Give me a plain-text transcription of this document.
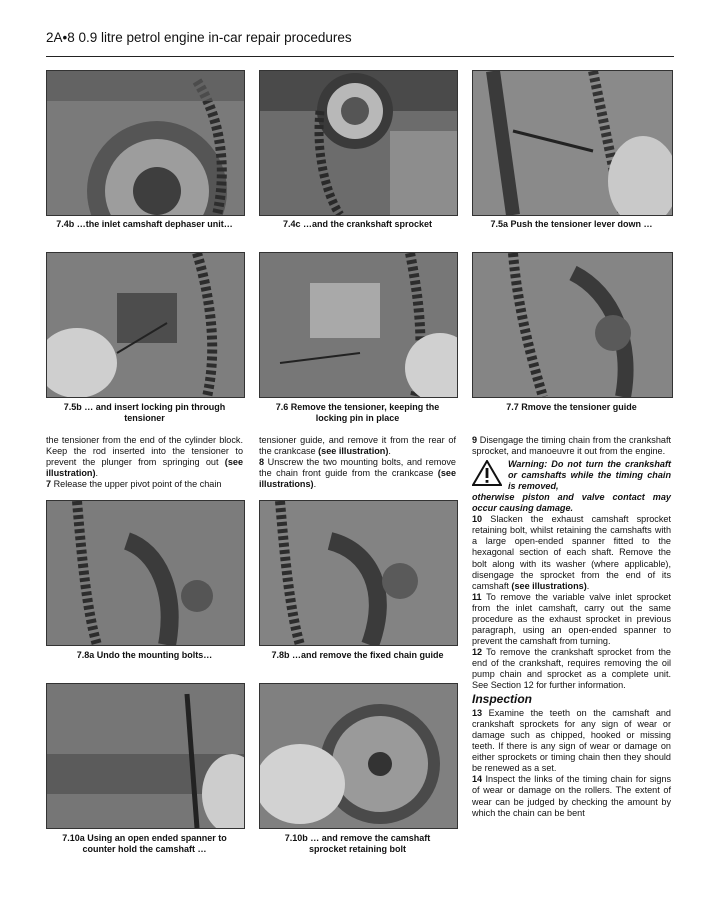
2A•8 0.9 litre petrol engine in-car repair procedures
7.4b …the inlet camshaft dephaser unit…	7.4c …and the crankshaft sprocket	7.5a Push the tensioner lever down …
7.5b … and insert locking pin through
tensioner
7.6 Remove the tensioner, keeping the
locking pin in place
7.7 Rmove the tensioner guide

the tensioner from the end of the cylinder block. Keep the rod inserted into the tensioner to prevent the plunger from springing out (see illustration).

7 Release the upper pivot point of the chain

tensioner guide, and remove it from the rear of the crankcase (see illustration).

8 Unscrew the two mounting bolts, and remove the chain front guide from the crankcase (see illustrations).

7.8a Undo the mounting bolts…	7.8b …and remove the fixed chain guide
7.10a Using an open ended spanner to
counter hold the camshaft …
7.10b … and remove the camshaft
sprocket retaining bolt

9 Disengage the timing chain from the crankshaft sprocket, and manoeuvre it out from the engine.

Warning: Do not turn the crankshaft or camshafts while the timing chain is removed,

otherwise piston and valve contact may occur causing damage.

10 Slacken the exhaust camshaft sprocket retaining bolt, whilst retaining the camshafts with a large open-ended spanner fitted to the hexagonal section of each shaft. Remove the bolt along with its washer (where applicable), disengage the sprocket from the end of its camshaft (see illustrations).

11 To remove the variable valve inlet sprocket from the inlet camshaft, carry out the same procedure as the exhaust sprocket in previous paragraph, using an open-ended spanner to prevent the camshaft from turning.

12 To remove the crankshaft sprocket from the end of the crankshaft, requires removing the oil pump chain and sprocket as a complete unit. See Section 12 for further information.

Inspection

13 Examine the teeth on the camshaft and crankshaft sprockets for any sign of wear or damage such as chipped, hooked or missing teeth. If there is any sign of wear or damage on either sprockets or timing chain then they should be renewed as a set.

14 Inspect the links of the timing chain for signs of wear or damage on the rollers. The extent of wear can be judged by checking the amount by which the chain can be bent
